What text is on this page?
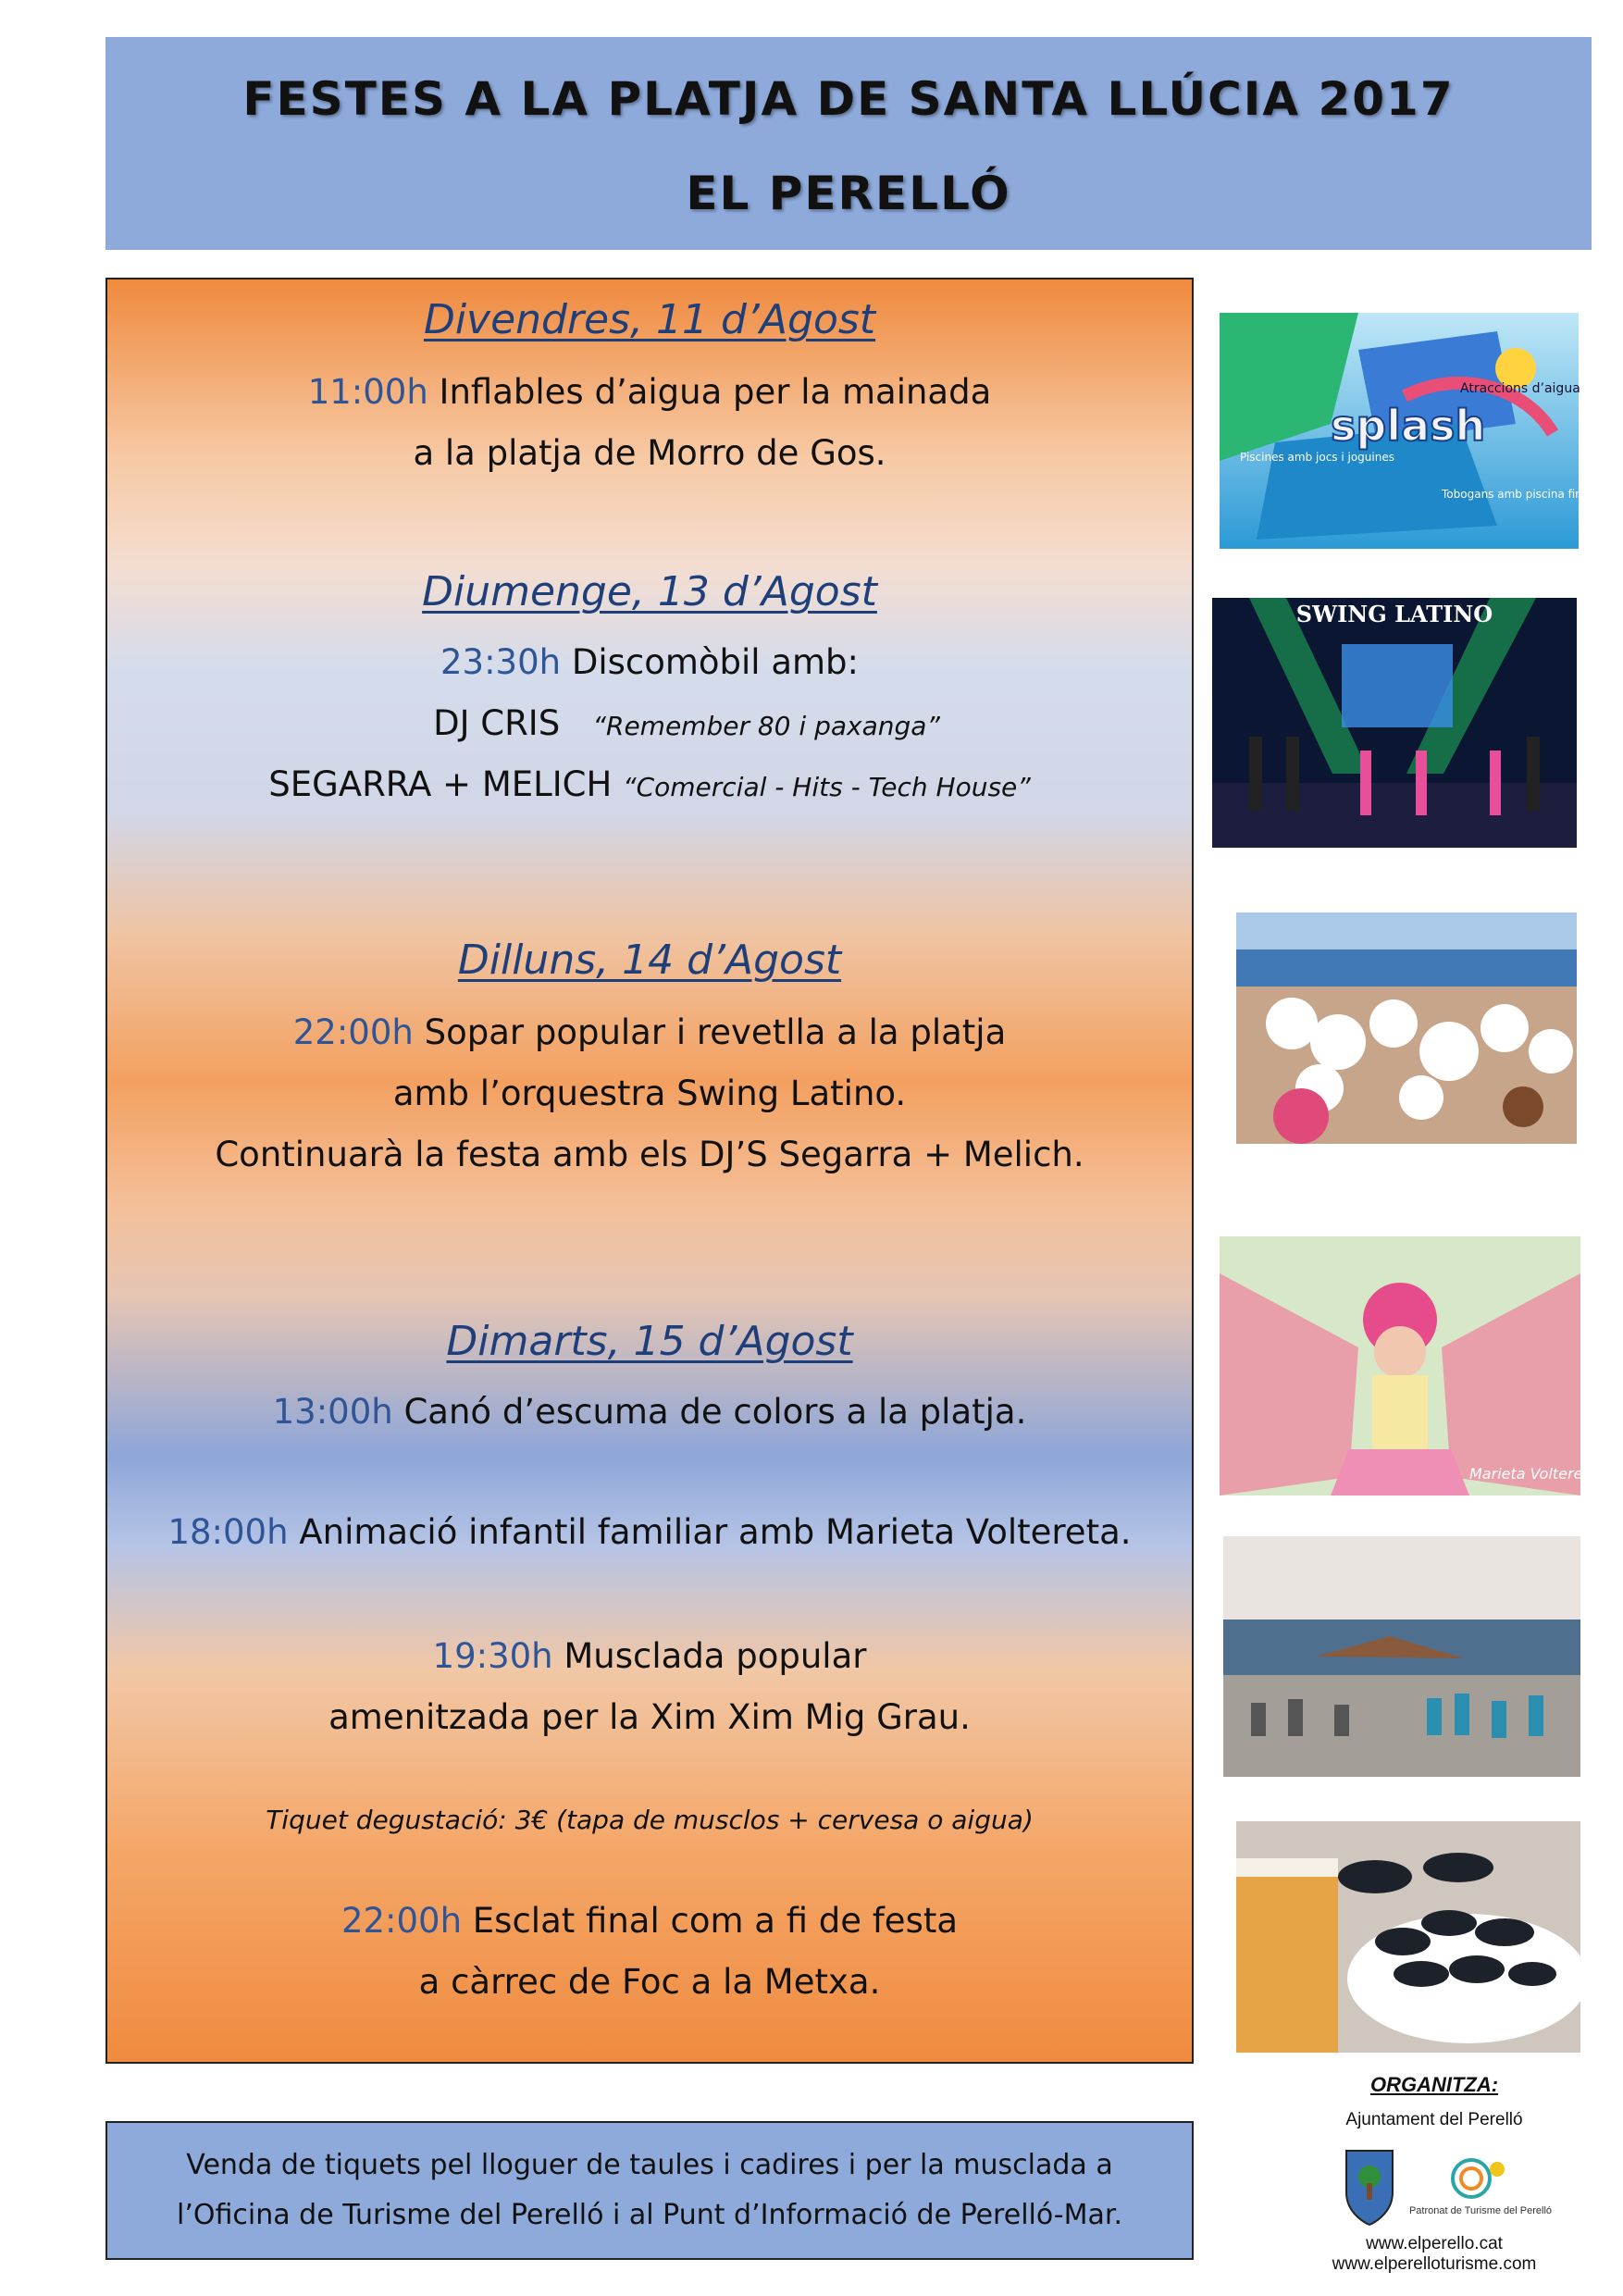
FESTES A LA PLATJA DE SANTA LLÚCIA 2017
EL PERELLÓ
Divendres, 11 d’Agost
11:00h Inflables d’aigua per la mainada
a la platja de Morro de Gos.
Diumenge, 13 d’Agost
23:30h Discomòbil amb:
DJ CRIS “Remember 80 i paxanga”
SEGARRA + MELICH “Comercial - Hits - Tech House”
Dilluns, 14 d’Agost
22:00h Sopar popular i revetlla a la platja
amb l’orquestra Swing Latino.
Continuarà la festa amb els DJ’S Segarra + Melich.
Dimarts, 15 d’Agost
13:00h Canó d’escuma de colors a la platja.
18:00h Animació infantil familiar amb Marieta Voltereta.
19:30h Musclada popular
amenitzada per la Xim Xim Mig Grau.
Tiquet degustació: 3€ (tapa de musclos + cervesa o aigua)
22:00h Esclat final com a fi de festa
a càrrec de Foc a la Metxa.
Atraccions d’aigua
splash
Piscines amb jocs i joguines
Tobogans amb piscina final
SWING LATINO
Marieta Voltereta
Venda de tiquets pel lloguer de taules i cadires i per la musclada a
l’Oficina de Turisme del Perelló i al Punt d’Informació de Perelló-Mar.
ORGANITZA:
Ajuntament del Perelló
Patronat de Turisme del Perelló
www.elperello.cat
www.elperelloturisme.com
